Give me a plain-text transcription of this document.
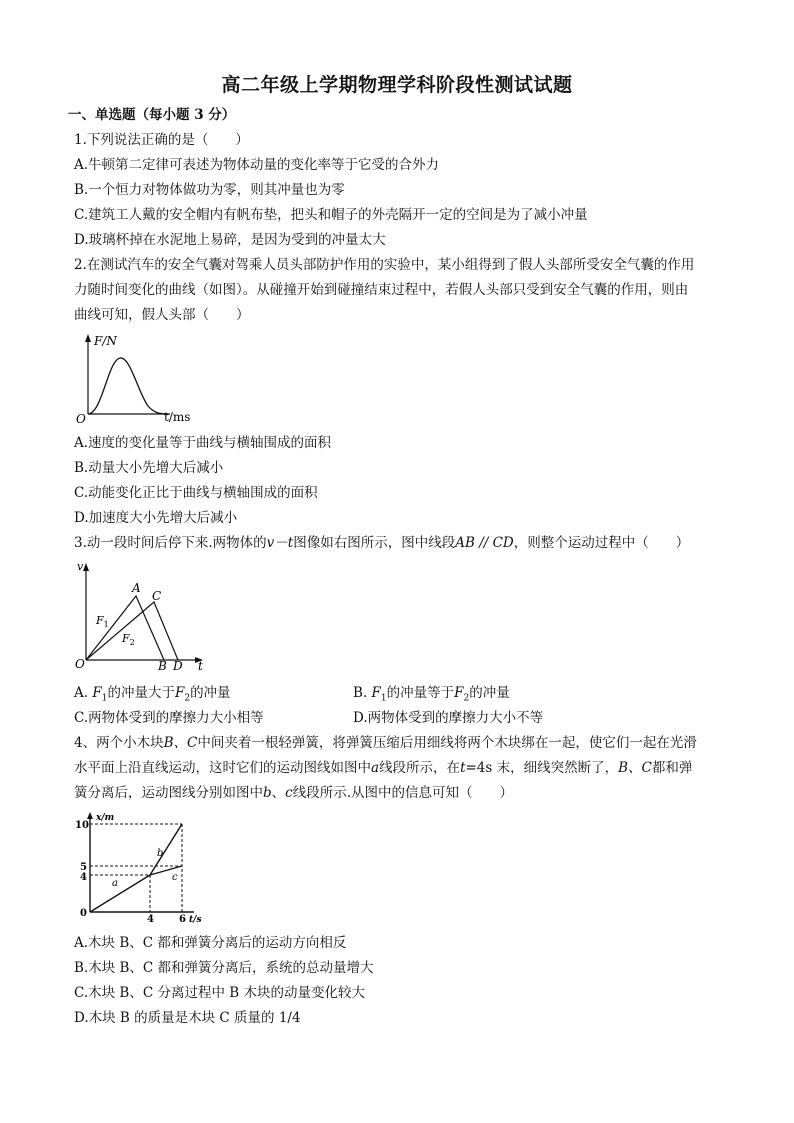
高二年级上学期物理学科阶段性测试试题
一、单选题（每小题 3 分）
1.下列说法正确的是（　　）
A.牛顿第二定律可表述为物体动量的变化率等于它受的合外力
B.一个恒力对物体做功为零，则其冲量也为零
C.建筑工人戴的安全帽内有帆布垫，把头和帽子的外壳隔开一定的空间是为了减小冲量
D.玻璃杯掉在水泥地上易碎，是因为受到的冲量太大
2.在测试汽车的安全气囊对驾乘人员头部防护作用的实验中，某小组得到了假人头部所受安全气囊的作用
力随时间变化的曲线（如图）。从碰撞开始到碰撞结束过程中，若假人头部只受到安全气囊的作用，则由
曲线可知，假人头部（　　）
F/N
O	t/ms
A.速度的变化量等于曲线与横轴围成的面积
B.动量大小先增大后减小
C.动能变化正比于曲线与横轴围成的面积
D.加速度大小先增大后减小
3.动一段时间后停下来.两物体的v－t图像如右图所示，图中线段AB // CD，则整个运动过程中（　　）
v
O
A
C
B D t
$F_1$
$F_2$
A. $F_1$的冲量大于$F_2$的冲量	B. $F_1$的冲量等于$F_2$的冲量
C.两物体受到的摩擦力大小相等	D.两物体受到的摩擦力大小不等
4、两个小木块B、C中间夹着一根轻弹簧，将弹簧压缩后用细线将两个木块绑在一起，使它们一起在光滑
水平面上沿直线运动，这时它们的运动图线如图中a线段所示，在t=4s 末，细线突然断了，B、C都和弹
簧分离后，运动图线分别如图中b、c线段所示.从图中的信息可知（　　）
x/m
10
5
4
0
4	6 t/s
a
b
c
A.木块 B、C 都和弹簧分离后的运动方向相反
B.木块 B、C 都和弹簧分离后，系统的总动量增大
C.木块 B、C 分离过程中 B 木块的动量变化较大
D.木块 B 的质量是木块 C 质量的 1/4
